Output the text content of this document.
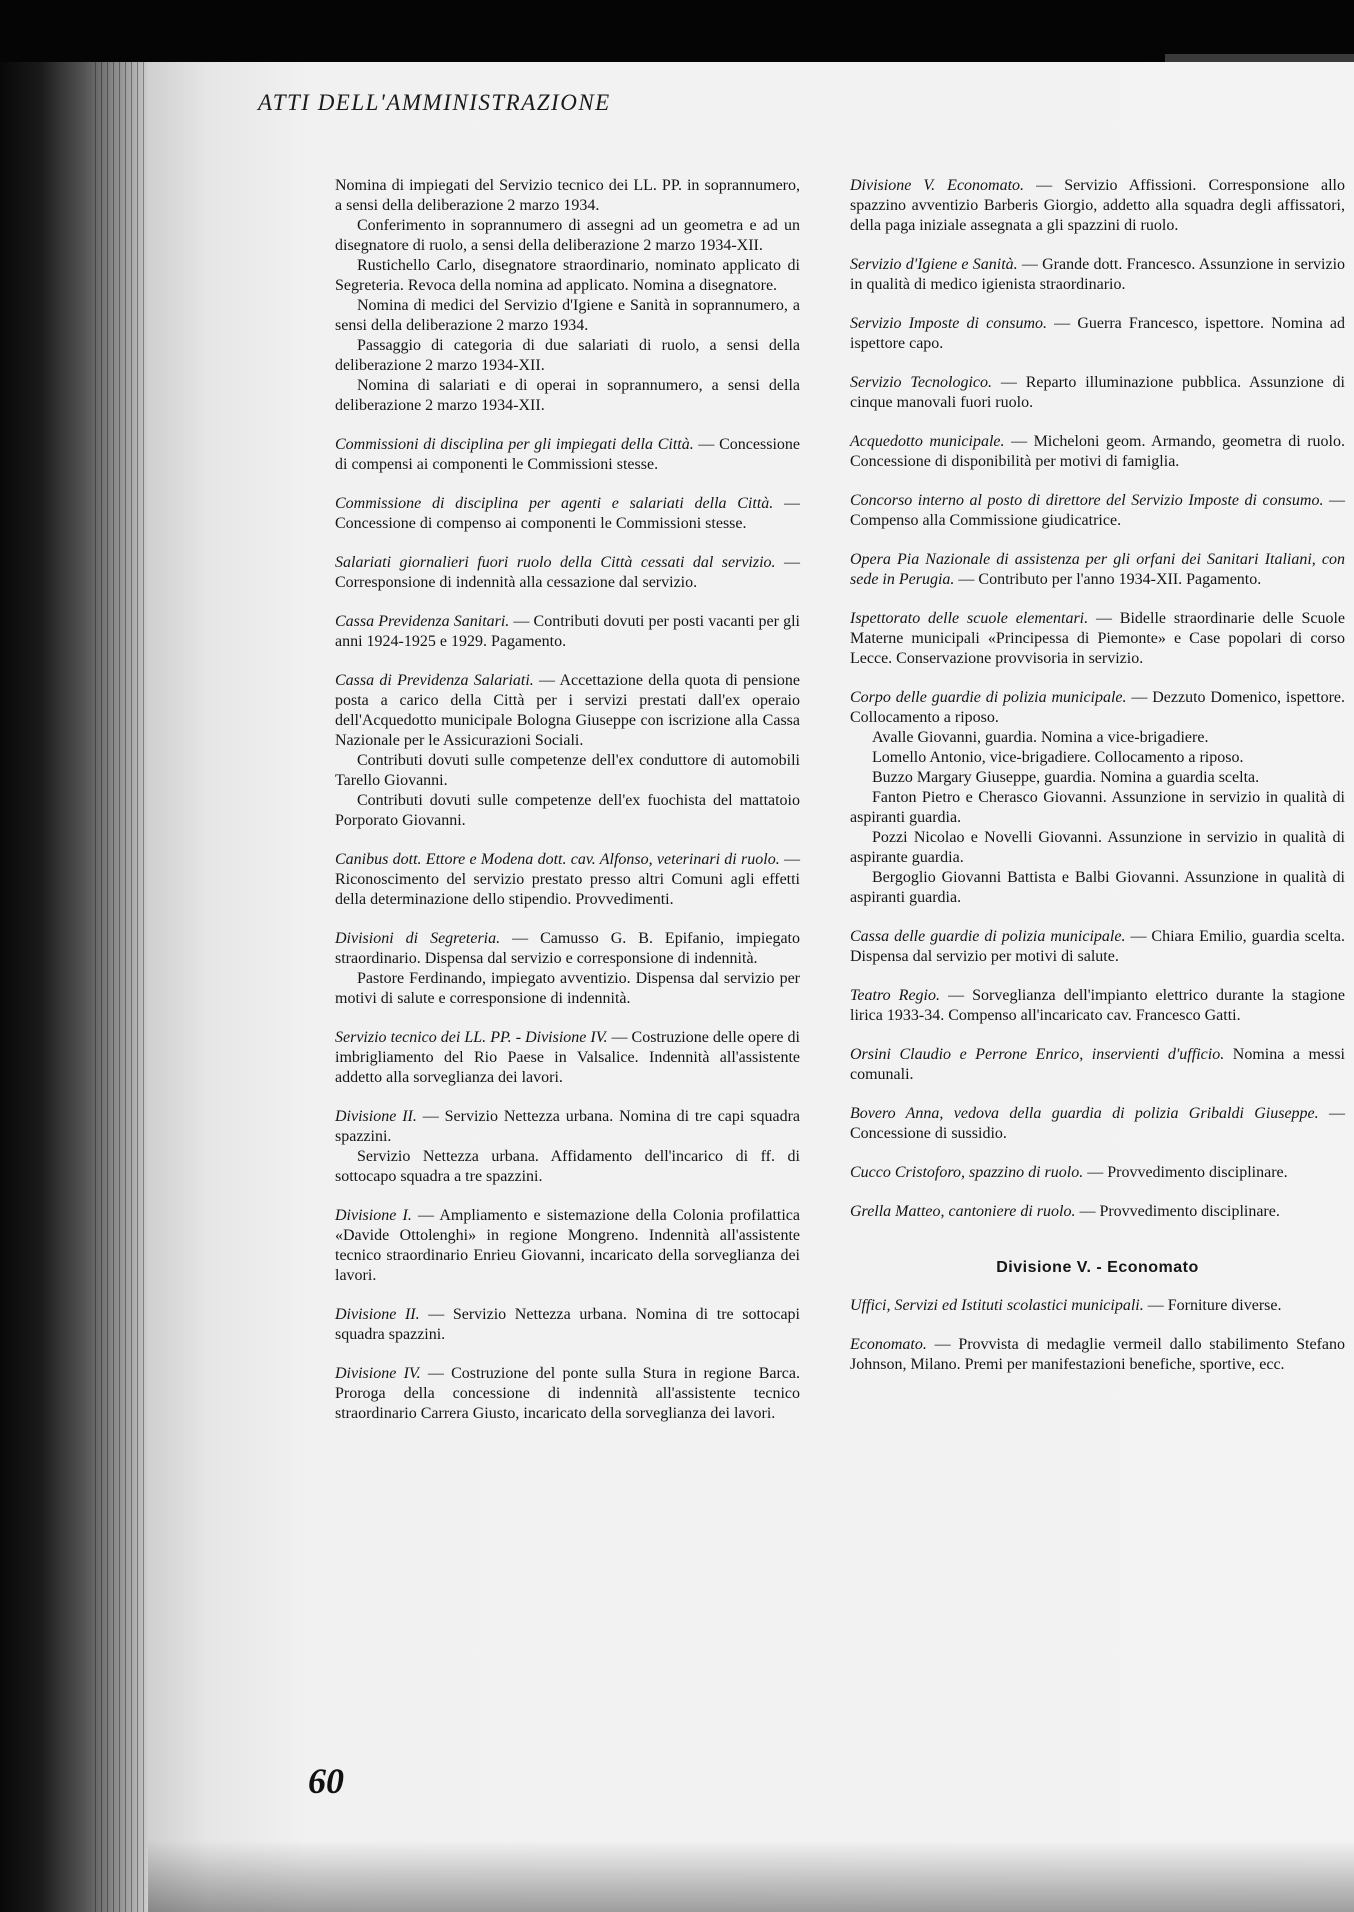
ATTI DELL'AMMINISTRAZIONE

Nomina di impiegati del Servizio tecnico dei LL. PP. in soprannumero, a sensi della deliberazione 2 marzo 1934.

Conferimento in soprannumero di assegni ad un geometra e ad un disegnatore di ruolo, a sensi della deliberazione 2 marzo 1934-XII.

Rustichello Carlo, disegnatore straordinario, nominato applicato di Segreteria. Revoca della nomina ad applicato. Nomina a disegnatore.

Nomina di medici del Servizio d'Igiene e Sanità in soprannumero, a sensi della deliberazione 2 marzo 1934.

Passaggio di categoria di due salariati di ruolo, a sensi della deliberazione 2 marzo 1934-XII.

Nomina di salariati e di operai in soprannumero, a sensi della deliberazione 2 marzo 1934-XII.

Commissioni di disciplina per gli impiegati della Città. — Concessione di compensi ai componenti le Commissioni stesse.

Commissione di disciplina per agenti e salariati della Città. — Concessione di compenso ai componenti le Commissioni stesse.

Salariati giornalieri fuori ruolo della Città cessati dal servizio. — Corresponsione di indennità alla cessazione dal servizio.

Cassa Previdenza Sanitari. — Contributi dovuti per posti vacanti per gli anni 1924-1925 e 1929. Pagamento.

Cassa di Previdenza Salariati. — Accettazione della quota di pensione posta a carico della Città per i servizi prestati dall'ex operaio dell'Acquedotto municipale Bologna Giuseppe con iscrizione alla Cassa Nazionale per le Assicurazioni Sociali.

Contributi dovuti sulle competenze dell'ex conduttore di automobili Tarello Giovanni.

Contributi dovuti sulle competenze dell'ex fuochista del mattatoio Porporato Giovanni.

Canibus dott. Ettore e Modena dott. cav. Alfonso, veterinari di ruolo. — Riconoscimento del servizio prestato presso altri Comuni agli effetti della determinazione dello stipendio. Provvedimenti.

Divisioni di Segreteria. — Camusso G. B. Epifanio, impiegato straordinario. Dispensa dal servizio e corresponsione di indennità.

Pastore Ferdinando, impiegato avventizio. Dispensa dal servizio per motivi di salute e corresponsione di indennità.

Servizio tecnico dei LL. PP. - Divisione IV. — Costruzione delle opere di imbrigliamento del Rio Paese in Valsalice. Indennità all'assistente addetto alla sorveglianza dei lavori.

Divisione II. — Servizio Nettezza urbana. Nomina di tre capi squadra spazzini.

Servizio Nettezza urbana. Affidamento dell'incarico di ff. di sottocapo squadra a tre spazzini.

Divisione I. — Ampliamento e sistemazione della Colonia profilattica «Davide Ottolenghi» in regione Mongreno. Indennità all'assistente tecnico straordinario Enrieu Giovanni, incaricato della sorveglianza dei lavori.

Divisione II. — Servizio Nettezza urbana. Nomina di tre sottocapi squadra spazzini.

Divisione IV. — Costruzione del ponte sulla Stura in regione Barca. Proroga della concessione di indennità all'assistente tecnico straordinario Carrera Giusto, incaricato della sorveglianza dei lavori.

Divisione V. Economato. — Servizio Affissioni. Corresponsione allo spazzino avventizio Barberis Giorgio, addetto alla squadra degli affissatori, della paga iniziale assegnata a gli spazzini di ruolo.

Servizio d'Igiene e Sanità. — Grande dott. Francesco. Assunzione in servizio in qualità di medico igienista straordinario.

Servizio Imposte di consumo. — Guerra Francesco, ispettore. Nomina ad ispettore capo.

Servizio Tecnologico. — Reparto illuminazione pubblica. Assunzione di cinque manovali fuori ruolo.

Acquedotto municipale. — Micheloni geom. Armando, geometra di ruolo. Concessione di disponibilità per motivi di famiglia.

Concorso interno al posto di direttore del Servizio Imposte di consumo. — Compenso alla Commissione giudicatrice.

Opera Pia Nazionale di assistenza per gli orfani dei Sanitari Italiani, con sede in Perugia. — Contributo per l'anno 1934-XII. Pagamento.

Ispettorato delle scuole elementari. — Bidelle straordinarie delle Scuole Materne municipali «Principessa di Piemonte» e Case popolari di corso Lecce. Conservazione provvisoria in servizio.

Corpo delle guardie di polizia municipale. — Dezzuto Domenico, ispettore. Collocamento a riposo.

Avalle Giovanni, guardia. Nomina a vice-brigadiere.

Lomello Antonio, vice-brigadiere. Collocamento a riposo.

Buzzo Margary Giuseppe, guardia. Nomina a guardia scelta.

Fanton Pietro e Cherasco Giovanni. Assunzione in servizio in qualità di aspiranti guardia.

Pozzi Nicolao e Novelli Giovanni. Assunzione in servizio in qualità di aspirante guardia.

Bergoglio Giovanni Battista e Balbi Giovanni. Assunzione in qualità di aspiranti guardia.

Cassa delle guardie di polizia municipale. — Chiara Emilio, guardia scelta. Dispensa dal servizio per motivi di salute.

Teatro Regio. — Sorveglianza dell'impianto elettrico durante la stagione lirica 1933-34. Compenso all'incaricato cav. Francesco Gatti.

Orsini Claudio e Perrone Enrico, inservienti d'ufficio. Nomina a messi comunali.

Bovero Anna, vedova della guardia di polizia Gribaldi Giuseppe. — Concessione di sussidio.

Cucco Cristoforo, spazzino di ruolo. — Provvedimento disciplinare.

Grella Matteo, cantoniere di ruolo. — Provvedimento disciplinare.

Divisione V. - Economato

Uffici, Servizi ed Istituti scolastici municipali. — Forniture diverse.

Economato. — Provvista di medaglie vermeil dallo stabilimento Stefano Johnson, Milano. Premi per manifestazioni benefiche, sportive, ecc.

60
